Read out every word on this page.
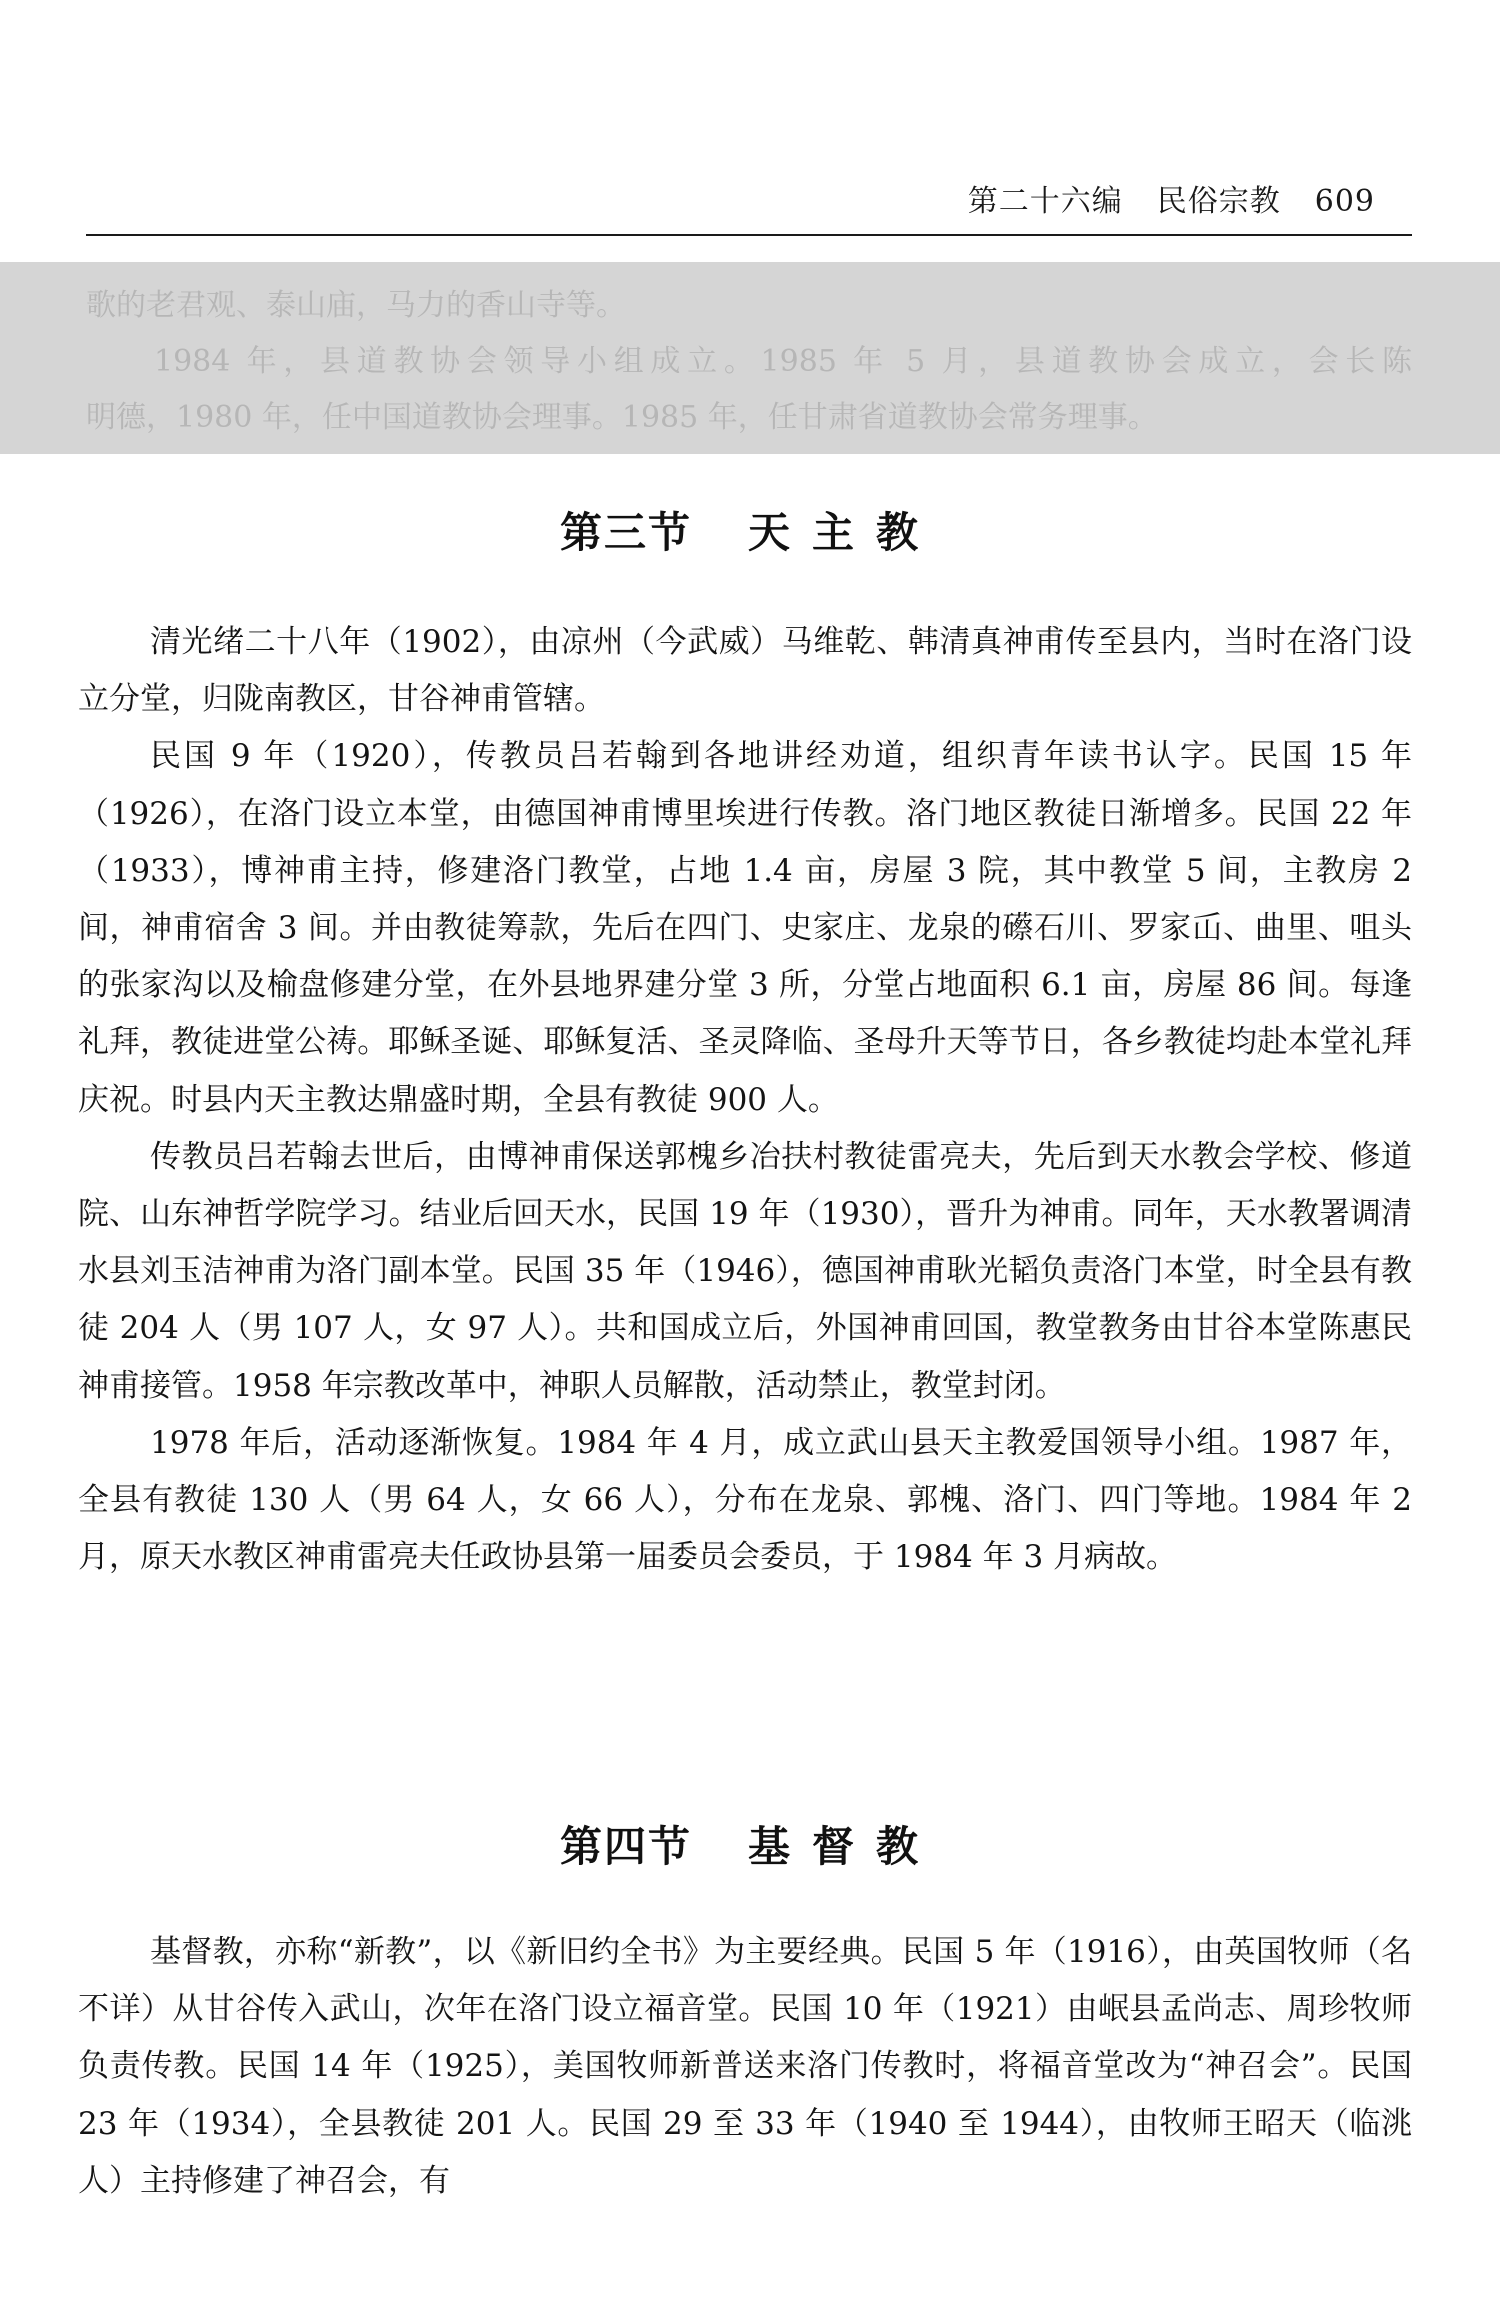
第二十六编 民俗宗教 609

歌的老君观、泰山庙，马力的香山寺等。

1984 年，县道教协会领导小组成立。1985 年 5 月，县道教协会成立，会长陈

明德，1980 年，任中国道教协会理事。1985 年，任甘肃省道教协会常务理事。

第三节 天主教

清光绪二十八年（1902），由凉州（今武威）马维乾、韩清真神甫传至县内，当时在洛门设立分堂，归陇南教区，甘谷神甫管辖。

民国 9 年（1920），传教员吕若翰到各地讲经劝道，组织青年读书认字。民国 15 年（1926），在洛门设立本堂，由德国神甫博里埃进行传教。洛门地区教徒日渐增多。民国 22 年（1933），博神甫主持，修建洛门教堂，占地 1.4 亩，房屋 3 院，其中教堂 5 间，主教房 2 间，神甫宿舍 3 间。并由教徒筹款，先后在四门、史家庄、龙泉的礤石川、罗家屲、曲里、咀头的张家沟以及榆盘修建分堂，在外县地界建分堂 3 所，分堂占地面积 6.1 亩，房屋 86 间。每逢礼拜，教徒进堂公祷。耶稣圣诞、耶稣复活、圣灵降临、圣母升天等节日，各乡教徒均赴本堂礼拜庆祝。时县内天主教达鼎盛时期，全县有教徒 900 人。

传教员吕若翰去世后，由博神甫保送郭槐乡冶扶村教徒雷亮夫，先后到天水教会学校、修道院、山东神哲学院学习。结业后回天水，民国 19 年（1930），晋升为神甫。同年，天水教署调清水县刘玉洁神甫为洛门副本堂。民国 35 年（1946），德国神甫耿光韬负责洛门本堂，时全县有教徒 204 人（男 107 人，女 97 人）。共和国成立后，外国神甫回国，教堂教务由甘谷本堂陈惠民神甫接管。1958 年宗教改革中，神职人员解散，活动禁止，教堂封闭。

1978 年后，活动逐渐恢复。1984 年 4 月，成立武山县天主教爱国领导小组。1987 年，全县有教徒 130 人（男 64 人，女 66 人），分布在龙泉、郭槐、洛门、四门等地。1984 年 2 月，原天水教区神甫雷亮夫任政协县第一届委员会委员，于 1984 年 3 月病故。

第四节 基督教

基督教，亦称“新教”，以《新旧约全书》为主要经典。民国 5 年（1916），由英国牧师（名不详）从甘谷传入武山，次年在洛门设立福音堂。民国 10 年（1921）由岷县孟尚志、周珍牧师负责传教。民国 14 年（1925），美国牧师新普送来洛门传教时，将福音堂改为“神召会”。民国 23 年（1934），全县教徒 201 人。民国 29 至 33 年（1940 至 1944），由牧师王昭天（临洮人）主持修建了神召会，有
